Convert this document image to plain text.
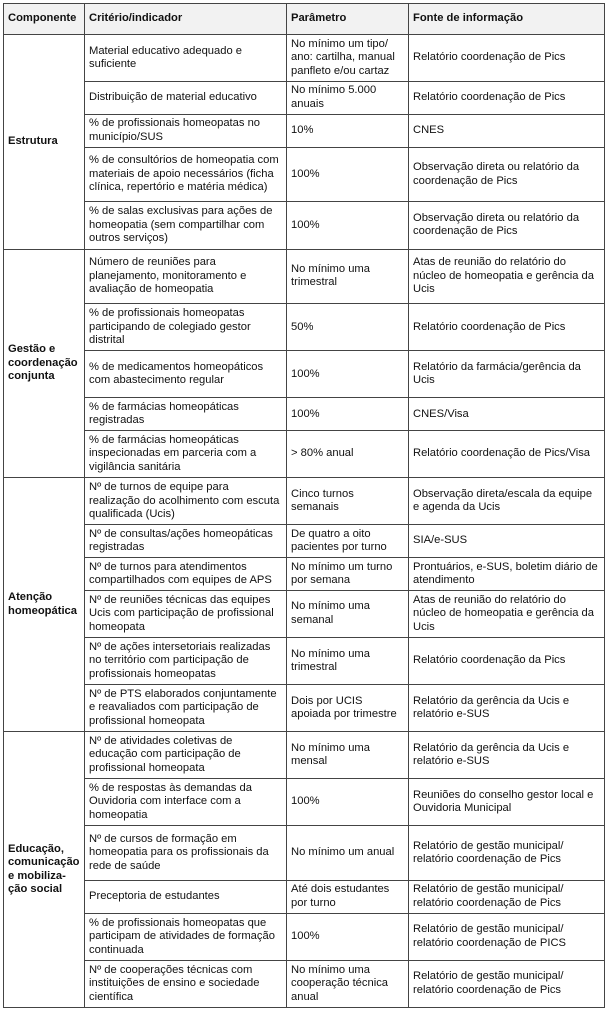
Componente	Critério/indicador	Parâmetro	Fonte de informação
Estrutura	Material educativo adequado e suficiente	No mínimo um tipo/ ano: cartilha, manual panfleto e/ou cartaz	Relatório coordenação de Pics
	Distribuição de material educativo	No mínimo 5.000 anuais	Relatório coordenação de Pics
	% de profissionais homeopatas no município/SUS	10%	CNES
	% de consultórios de homeopatia com materiais de apoio necessários (ficha clínica, repertório e matéria médica)	100%	Observação direta ou relatório da coordenação de Pics
	% de salas exclusivas para ações de homeopatia (sem compartilhar com outros serviços)	100%	Observação direta ou relatório da coordenação de Pics
Gestão e coordenação conjunta	Número de reuniões para planejamento, monitoramento e avaliação de homeopatia	No mínimo uma trimestral	Atas de reunião do relatório do núcleo de homeopatia e gerência da Ucis
	% de profissionais homeopatas participando de colegiado gestor distrital	50%	Relatório coordenação de Pics
	% de medicamentos homeopáticos com abastecimento regular	100%	Relatório da farmácia/gerência da Ucis
	% de farmácias homeopáticas registradas	100%	CNES/Visa
	% de farmácias homeopáticas inspecionadas em parceria com a vigilância sanitária	> 80% anual	Relatório coordenação de Pics/Visa
Atenção homeopática	Nº de turnos de equipe para realização do acolhimento com escuta qualificada (Ucis)	Cinco turnos semanais	Observação direta/escala da equipe e agenda da Ucis
	Nº de consultas/ações homeopáticas registradas	De quatro a oito pacientes por turno	SIA/e-SUS
	Nº de turnos para atendimentos compartilhados com equipes de APS	No mínimo um turno por semana	Prontuários, e-SUS, boletim diário de atendimento
	Nº de reuniões técnicas das equipes Ucis com participação de profissional homeopata	No mínimo uma semanal	Atas de reunião do relatório do núcleo de homeopatia e gerência da Ucis
	Nº de ações intersetoriais realizadas no território com participação de profissionais homeopatas	No mínimo uma trimestral	Relatório coordenação da Pics
	Nº de PTS elaborados conjuntamente e reavaliados com participação de profissional homeopata	Dois por UCIS apoiada por trimestre	Relatório da gerência da Ucis e relatório e-SUS
Educação, comunicação e mobiliza-ção social	Nº de atividades coletivas de educação com participação de profissional homeopata	No mínimo uma mensal	Relatório da gerência da Ucis e relatório e-SUS
	% de respostas às demandas da Ouvidoria com interface com a homeopatia	100%	Reuniões do conselho gestor local e Ouvidoria Municipal
	Nº de cursos de formação em homeopatia para os profissionais da rede de saúde	No mínimo um anual	Relatório de gestão municipal/ relatório coordenação de Pics
	Preceptoria de estudantes	Até dois estudantes por turno	Relatório de gestão municipal/ relatório coordenação de Pics
	% de profissionais homeopatas que participam de atividades de formação continuada	100%	Relatório de gestão municipal/ relatório coordenação de PICS
	Nº de cooperações técnicas com instituições de ensino e sociedade científica	No mínimo uma cooperação técnica anual	Relatório de gestão municipal/ relatório coordenação de Pics
